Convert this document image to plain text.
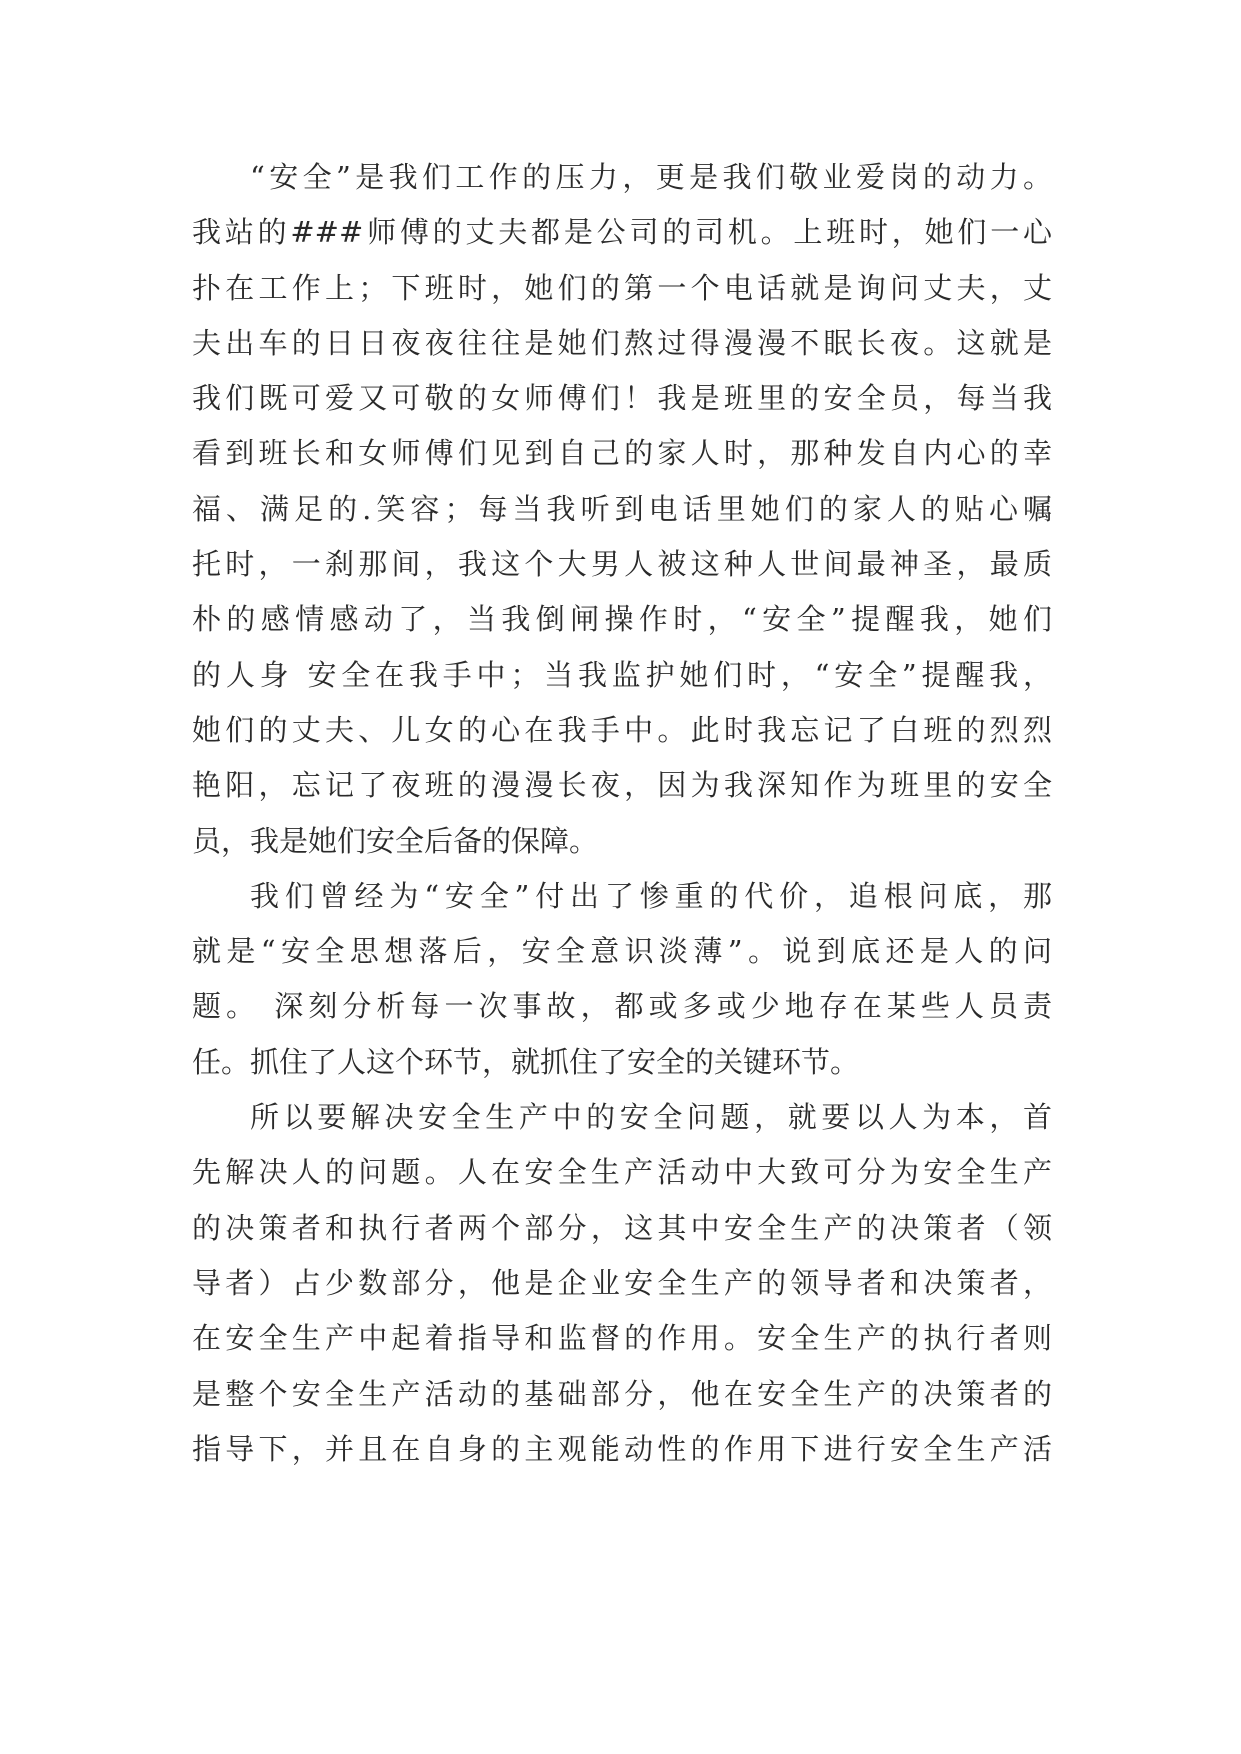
“安全”是我们工作的压力，更是我们敬业爱岗的动力。
我站的###师傅的丈夫都是公司的司机。上班时，她们一心
扑在工作上；下班时，她们的第一个电话就是询问丈夫，丈
夫出车的日日夜夜往往是她们熬过得漫漫不眠长夜。这就是
我们既可爱又可敬的女师傅们！我是班里的安全员，每当我
看到班长和女师傅们见到自己的家人时，那种发自内心的幸
福、满足的.笑容；每当我听到电话里她们的家人的贴心嘱
托时，一刹那间，我这个大男人被这种人世间最神圣，最质
朴的感情感动了，当我倒闸操作时，“安全”提醒我，她们
的人身 安全在我手中；当我监护她们时，“安全”提醒我，
她们的丈夫、儿女的心在我手中。此时我忘记了白班的烈烈
艳阳，忘记了夜班的漫漫长夜，因为我深知作为班里的安全
员，我是她们安全后备的保障。
我们曾经为“安全”付出了惨重的代价，追根问底，那
就是“安全思想落后，安全意识淡薄”。说到底还是人的问
题。 深刻分析每一次事故，都或多或少地存在某些人员责
任。抓住了人这个环节，就抓住了安全的关键环节。
所以要解决安全生产中的安全问题，就要以人为本，首
先解决人的问题。人在安全生产活动中大致可分为安全生产
的决策者和执行者两个部分，这其中安全生产的决策者（领
导者）占少数部分，他是企业安全生产的领导者和决策者，
在安全生产中起着指导和监督的作用。安全生产的执行者则
是整个安全生产活动的基础部分，他在安全生产的决策者的
指导下，并且在自身的主观能动性的作用下进行安全生产活
